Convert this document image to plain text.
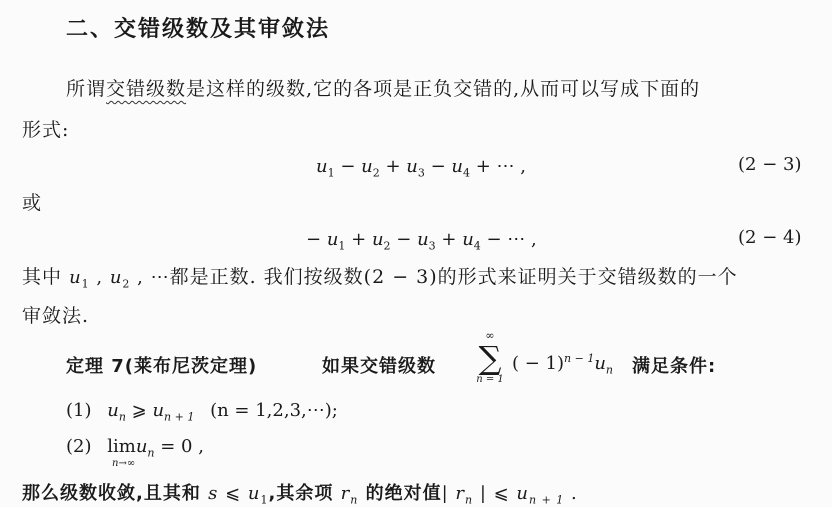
二、交错级数及其审敛法
所谓交错级数是这样的级数,它的各项是正负交错的,从而可以写成下面的
形式:
$u_1 - u_2 + u_3 - u_4$ + ⋯ ,	(2 − 3)
或
− $u_1 + u_2 - u_3 + u_4$ − ⋯ ,	(2 − 4)
其中 $u_1$ , $u_2$ , ⋯都是正数. 我们按级数(2 − 3)的形式来证明关于交错级数的一个
审敛法.
定理 7(莱布尼茨定理)	如果交错级数
∞
∑
n = 1
( − $1)^{n - 1}u_n$ 满足条件:
(1) $u_n$ ⩾ $u_{n + 1}$ (n = 1,2,3,⋯);
(2) limu$_n$ = 0 ,
n→∞
那么级数收敛,且其和 s ⩽ $u_1$,其余项 $r_n$ 的绝对值| $r_n$ | ⩽ $u_{n + 1}$ .
